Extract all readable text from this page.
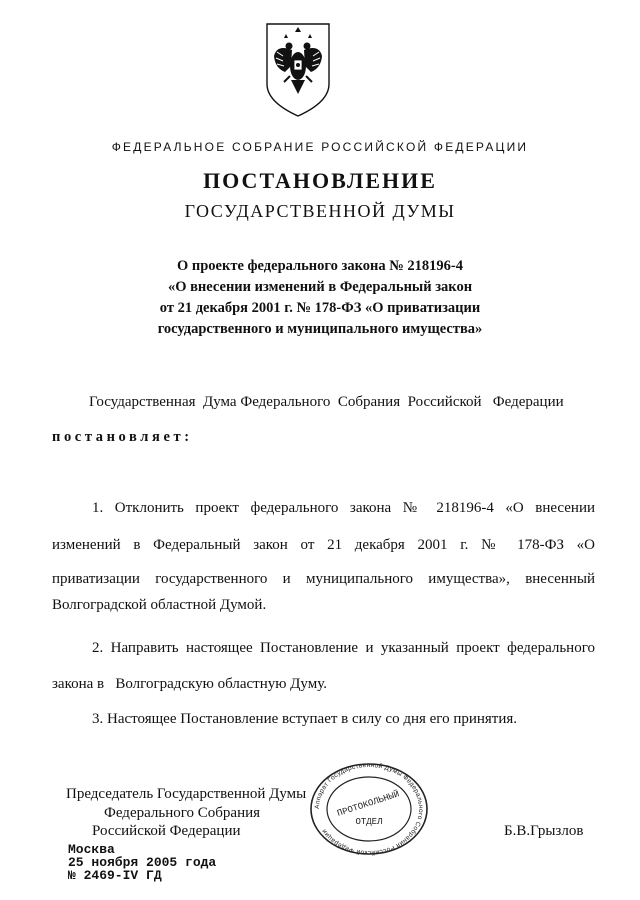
ФЕДЕРАЛЬНОЕ СОБРАНИЕ РОССИЙСКОЙ ФЕДЕРАЦИИ
ПОСТАНОВЛЕНИЕ
ГОСУДАРСТВЕННОЙ ДУМЫ
О проекте федерального закона № 218196-4
«О внесении изменений в Федеральный закон
от 21 декабря 2001 г. № 178-ФЗ «О приватизации
государственного и муниципального имущества»
Государственная  Дума Федерального  Собрания  Российской   Федерации
постановляет:
1. Отклонить проект федерального закона № 218196-4 «О внесении
изменений в Федеральный закон от 21 декабря 2001 г. № 178-ФЗ «О
приватизации государственного и муниципального имущества», внесенный
Волгоградской областной Думой.
2. Направить настоящее Постановление и указанный проект федерального
закона в   Волгоградскую областную Думу.
3. Настоящее Постановление вступает в силу со дня его принятия.
Председатель Государственной Думы
Федерального Собрания
Российской Федерации	Б.В.Грызлов
Аппарат Государственной Думы Федерального Собрания Российской Федерации
ПРОТОКОЛЬНЫЙ
ОТДЕЛ
Москва
25 ноября 2005 года
№ 2469-IV ГД
